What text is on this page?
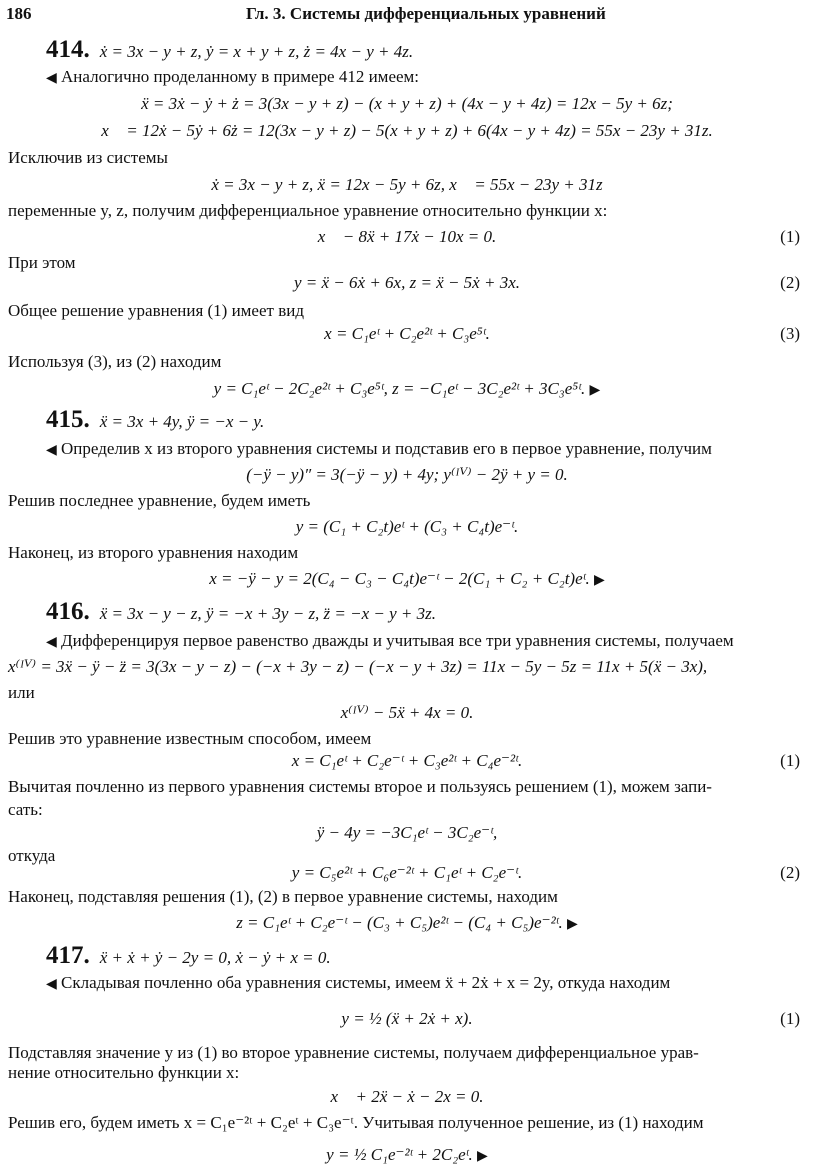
186	Гл. 3. Системы дифференциальных уравнений
414. ẋ = 3x − y + z, ẏ = x + y + z, ż = 4x − y + 4z.
◀ Аналогично проделанному в примере 412 имеем:
ẍ = 3ẋ − ẏ + ż = 3(3x − y + z) − (x + y + z) + (4x − y + 4z) = 12x − 5y + 6z;
x⃛ = 12ẋ − 5ẏ + 6ż = 12(3x − y + z) − 5(x + y + z) + 6(4x − y + 4z) = 55x − 23y + 31z.
Исключив из системы
ẋ = 3x − y + z, ẍ = 12x − 5y + 6z, x⃛ = 55x − 23y + 31z
переменные y, z, получим дифференциальное уравнение относительно функции x:
x⃛ − 8ẍ + 17ẋ − 10x = 0.	(1)
При этом
y = ẍ − 6ẋ + 6x, z = ẍ − 5ẋ + 3x.	(2)
Общее решение уравнения (1) имеет вид
x = C₁eᵗ + C₂e²ᵗ + C₃e⁵ᵗ.	(3)
Используя (3), из (2) находим
y = C₁eᵗ − 2C₂e²ᵗ + C₃e⁵ᵗ, z = −C₁eᵗ − 3C₂e²ᵗ + 3C₃e⁵ᵗ. ▶
415. ẍ = 3x + 4y, ÿ = −x − y.
◀ Определив x из второго уравнения системы и подставив его в первое уравнение, получим
(−ÿ − y)″ = 3(−ÿ − y) + 4y; y⁽ᴵⱽ⁾ − 2ÿ + y = 0.
Решив последнее уравнение, будем иметь
y = (C₁ + C₂t)eᵗ + (C₃ + C₄t)e⁻ᵗ.
Наконец, из второго уравнения находим
x = −ÿ − y = 2(C₄ − C₃ − C₄t)e⁻ᵗ − 2(C₁ + C₂ + C₂t)eᵗ. ▶
416. ẍ = 3x − y − z, ÿ = −x + 3y − z, z̈ = −x − y + 3z.
◀ Дифференцируя первое равенство дважды и учитывая все три уравнения системы, получаем
x⁽ᴵⱽ⁾ = 3ẍ − ÿ − z̈ = 3(3x − y − z) − (−x + 3y − z) − (−x − y + 3z) = 11x − 5y − 5z = 11x + 5(ẍ − 3x),
или
x⁽ᴵⱽ⁾ − 5ẍ + 4x = 0.
Решив это уравнение известным способом, имеем
x = C₁eᵗ + C₂e⁻ᵗ + C₃e²ᵗ + C₄e⁻²ᵗ.	(1)
Вычитая почленно из первого уравнения системы второе и пользуясь решением (1), можем запи-
сать:
ÿ − 4y = −3C₁eᵗ − 3C₂e⁻ᵗ,
откуда
y = C₅e²ᵗ + C₆e⁻²ᵗ + C₁eᵗ + C₂e⁻ᵗ.	(2)
Наконец, подставляя решения (1), (2) в первое уравнение системы, находим
z = C₁eᵗ + C₂e⁻ᵗ − (C₃ + C₅)e²ᵗ − (C₄ + C₅)e⁻²ᵗ. ▶
417. ẍ + ẋ + ẏ − 2y = 0, ẋ − ẏ + x = 0.
◀ Складывая почленно оба уравнения системы, имеем ẍ + 2ẋ + x = 2y, откуда находим
y = ½ (ẍ + 2ẋ + x).	(1)
Подставляя значение y из (1) во второе уравнение системы, получаем дифференциальное урав-
нение относительно функции x:
x⃛ + 2ẍ − ẋ − 2x = 0.
Решив его, будем иметь x = C₁e⁻²ᵗ + C₂eᵗ + C₃e⁻ᵗ. Учитывая полученное решение, из (1) находим
y = ½ C₁e⁻²ᵗ + 2C₂eᵗ. ▶
